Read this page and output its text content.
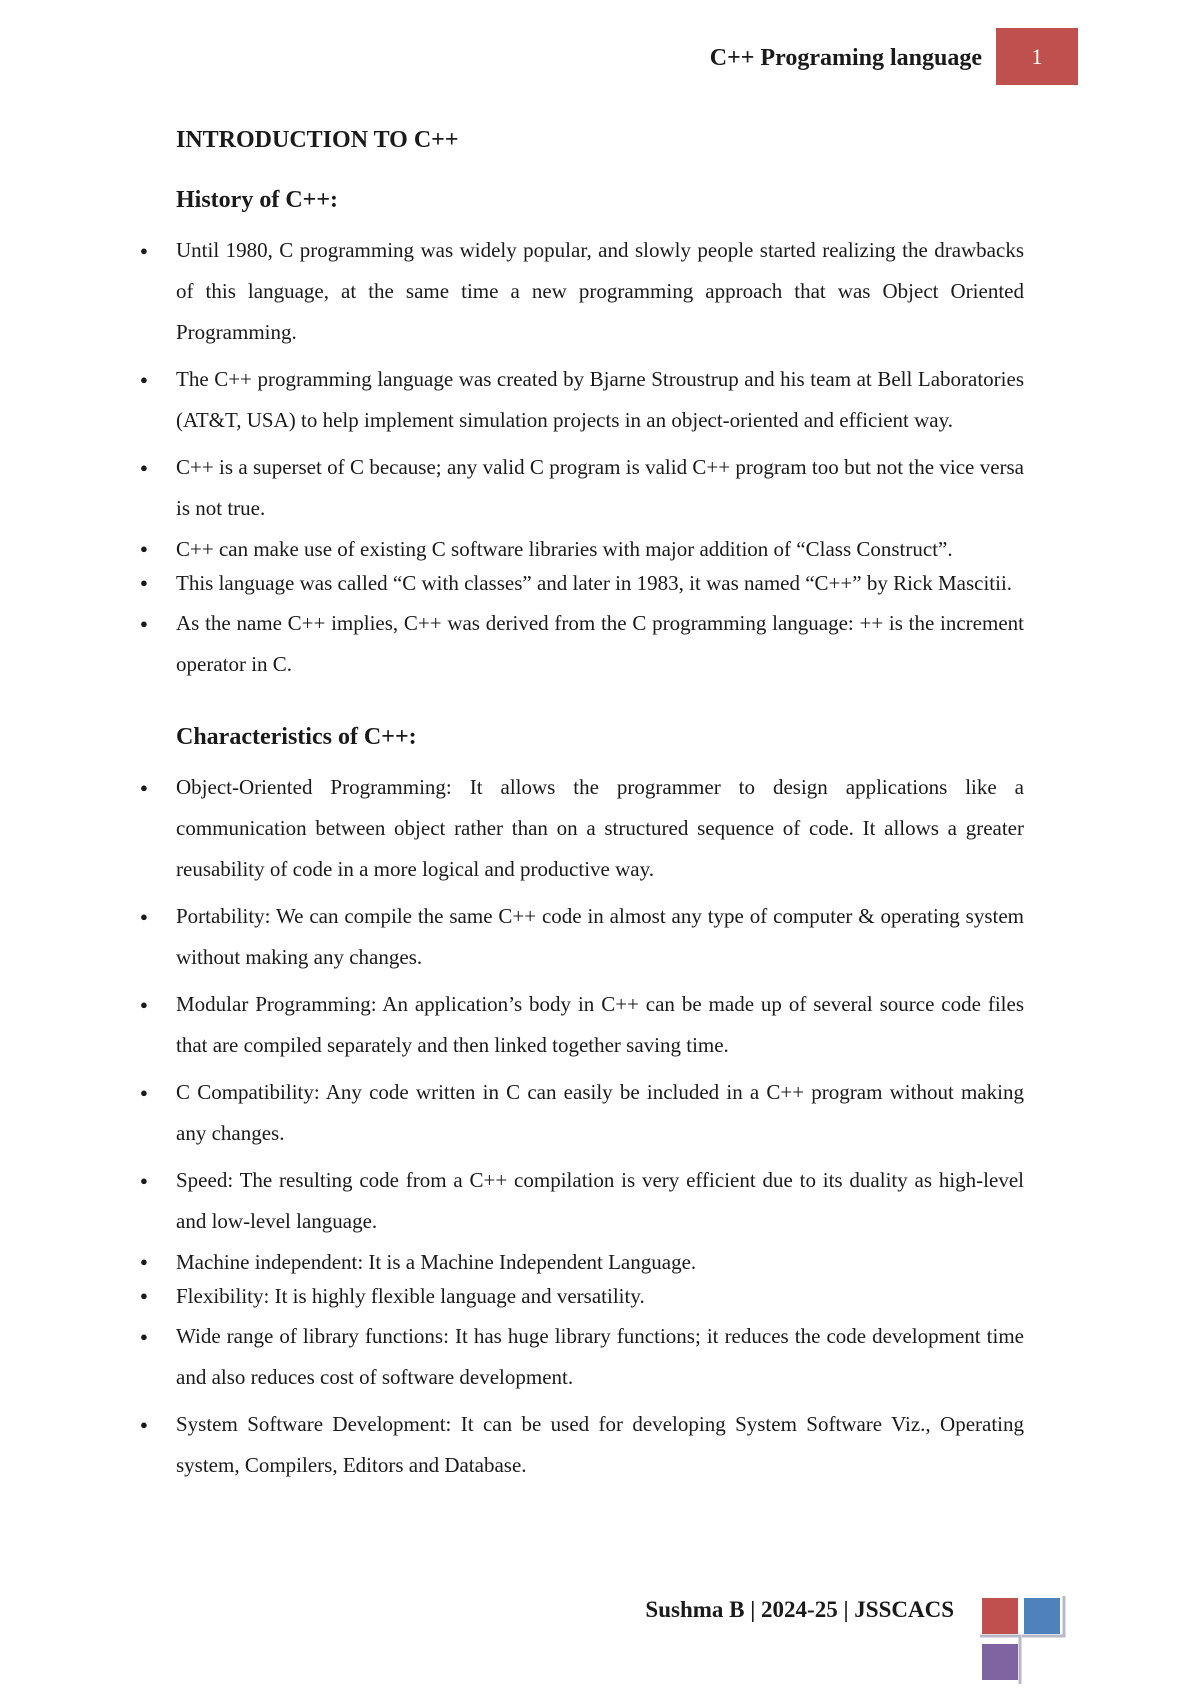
C++ Programing language 1
INTRODUCTION TO C++
History of C++:
● Until 1980, C programming was widely popular, and slowly people started realizing the drawbacks of this language, at the same time a new programming approach that was Object Oriented Programming.
● The C++ programming language was created by Bjarne Stroustrup and his team at Bell Laboratories (AT&T, USA) to help implement simulation projects in an object-oriented and efficient way.
● C++ is a superset of C because; any valid C program is valid C++ program too but not the vice versa is not true.
● C++ can make use of existing C software libraries with major addition of “Class Construct”.
● This language was called “C with classes” and later in 1983, it was named “C++” by Rick Mascitii.
● As the name C++ implies, C++ was derived from the C programming language: ++ is the increment operator in C.
Characteristics of C++:
● Object-Oriented Programming: It allows the programmer to design applications like a communication between object rather than on a structured sequence of code. It allows a greater reusability of code in a more logical and productive way.
● Portability: We can compile the same C++ code in almost any type of computer & operating system without making any changes.
● Modular Programming: An application’s body in C++ can be made up of several source code files that are compiled separately and then linked together saving time.
● C Compatibility: Any code written in C can easily be included in a C++ program without making any changes.
● Speed: The resulting code from a C++ compilation is very efficient due to its duality as high-level and low-level language.
● Machine independent: It is a Machine Independent Language.
● Flexibility: It is highly flexible language and versatility.
● Wide range of library functions: It has huge library functions; it reduces the code development time and also reduces cost of software development.
● System Software Development: It can be used for developing System Software Viz., Operating system, Compilers, Editors and Database.
Sushma B | 2024-25 | JSSCACS
